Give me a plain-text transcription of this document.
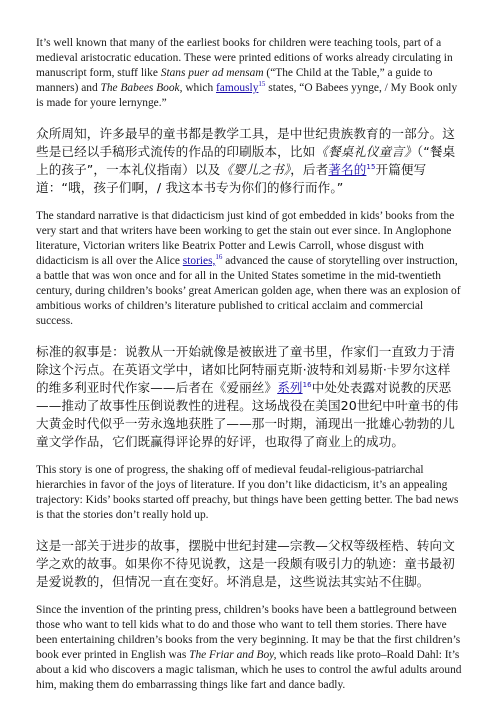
It’s well known that many of the earliest books for children were teaching tools, part of a medieval aristocratic education. These were printed editions of works already circulating in manuscript form, stuff like Stans puer ad mensam (“The Child at the Table,” a guide to manners) and The Babees Book, which famously$^{15}$ states, “O Babees yynge, / My Book only is made for youre lernynge.”

众所周知，许多最早的童书都是教学工具，是中世纪贵族教育的一部分。这些是已经以手稿形式流传的作品的印刷版本，比如《餐桌礼仪童言》（“餐桌上的孩子”，一本礼仪指南）以及《婴儿之书》，后者著名的$^{15}$开篇便写道：“哦，孩子们啊，/ 我这本书专为你们的修行而作。”

The standard narrative is that didacticism just kind of got embedded in kids’ books from the very start and that writers have been working to get the stain out ever since. In Anglophone literature, Victorian writers like Beatrix Potter and Lewis Carroll, whose disgust with didacticism is all over the Alice stories,$^{16}$ advanced the cause of storytelling over instruction, a battle that was won once and for all in the United States sometime in the mid-twentieth century, during children’s books’ great American golden age, when there was an explosion of ambitious works of children’s literature published to critical acclaim and commercial success.

标准的叙事是：说教从一开始就像是被嵌进了童书里，作家们一直致力于清除这个污点。在英语文学中，诸如比阿特丽克斯·波特和刘易斯·卡罗尔这样的维多利亚时代作家——后者在《爱丽丝》系列$^{16}$中处处表露对说教的厌恶——推动了故事性压倒说教性的进程。这场战役在美国20世纪中叶童书的伟大黄金时代似乎一劳永逸地获胜了——那一时期，涌现出一批雄心勃勃的儿童文学作品，它们既赢得评论界的好评，也取得了商业上的成功。

This story is one of progress, the shaking off of medieval feudal-religious-patriarchal hierarchies in favor of the joys of literature. If you don’t like didacticism, it’s an appealing trajectory: Kids’ books started off preachy, but things have been getting better. The bad news is that the stories don’t really hold up.

这是一部关于进步的故事，摆脱中世纪封建—宗教—父权等级桎梏、转向文学之欢的故事。如果你不待见说教，这是一段颇有吸引力的轨迹：童书最初是爱说教的，但情况一直在变好。坏消息是，这些说法其实站不住脚。

Since the invention of the printing press, children’s books have been a battleground between those who want to tell kids what to do and those who want to tell them stories. There have been entertaining children’s books from the very beginning. It may be that the first children’s book ever printed in English was The Friar and Boy, which reads like proto–Roald Dahl: It’s about a kid who discovers a magic talisman, which he uses to control the awful adults around him, making them do embarrassing things like fart and dance badly.
